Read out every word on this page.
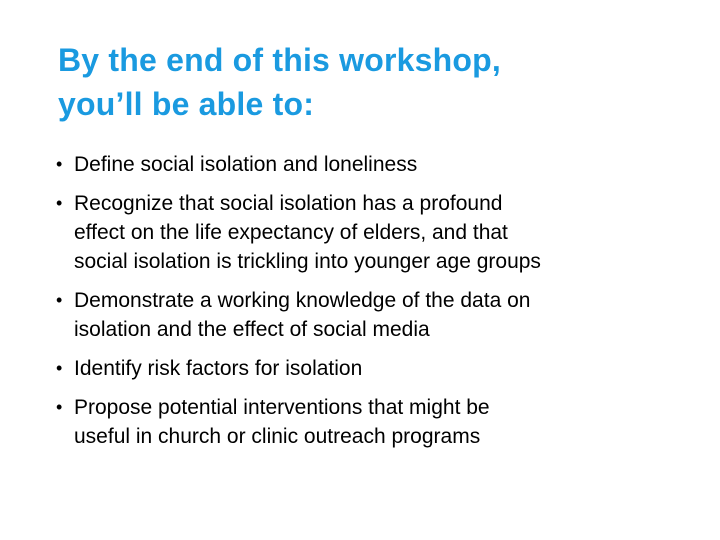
By the end of this workshop,
you’ll be able to:
• Define social isolation and loneliness
• Recognize that social isolation has a profound
effect on the life expectancy of elders, and that
social isolation is trickling into younger age groups
• Demonstrate a working knowledge of the data on
isolation and the effect of social media
• Identify risk factors for isolation
• Propose potential interventions that might be
useful in church or clinic outreach programs
